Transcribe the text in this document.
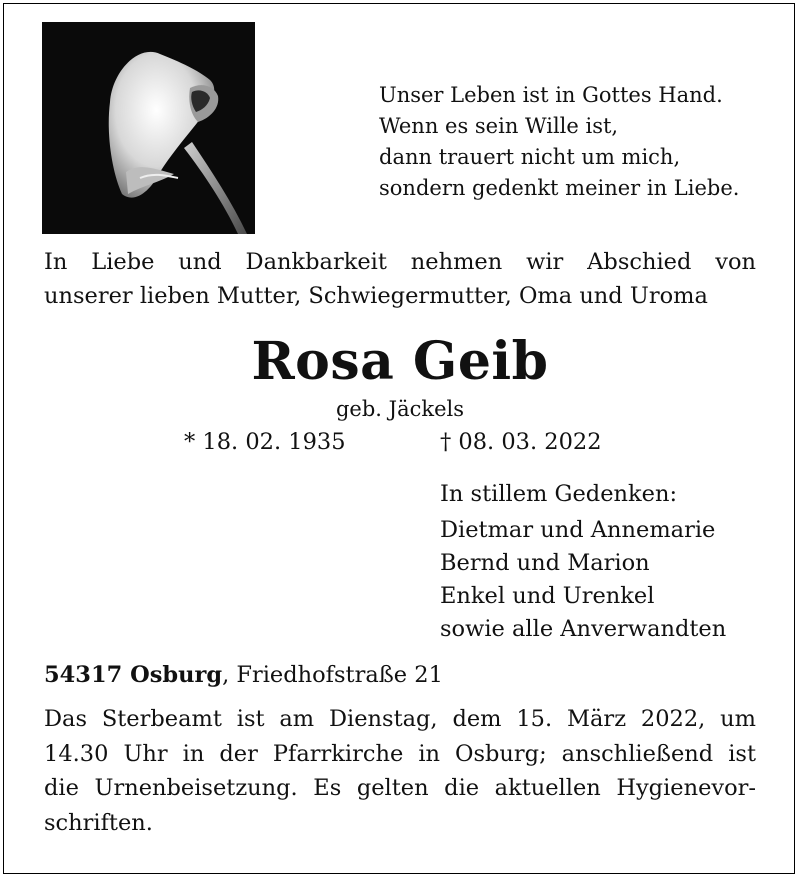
Unser Leben ist in Gottes Hand.
Wenn es sein Wille ist,
dann trauert nicht um mich,
sondern gedenkt meiner in Liebe.
In Liebe und Dankbarkeit nehmen wir Abschied von
unserer lieben Mutter, Schwiegermutter, Oma und Uroma
Rosa Geib
geb. Jäckels
* 18. 02. 1935	† 08. 03. 2022
In stillem Gedenken:
Dietmar und Annemarie
Bernd und Marion
Enkel und Urenkel
sowie alle Anverwandten
54317 Osburg, Friedhofstraße 21
Das Sterbeamt ist am Dienstag, dem 15. März 2022, um
14.30 Uhr in der Pfarrkirche in Osburg; anschließend ist
die Urnenbeisetzung. Es gelten die aktuellen Hygienevor-
schriften.
